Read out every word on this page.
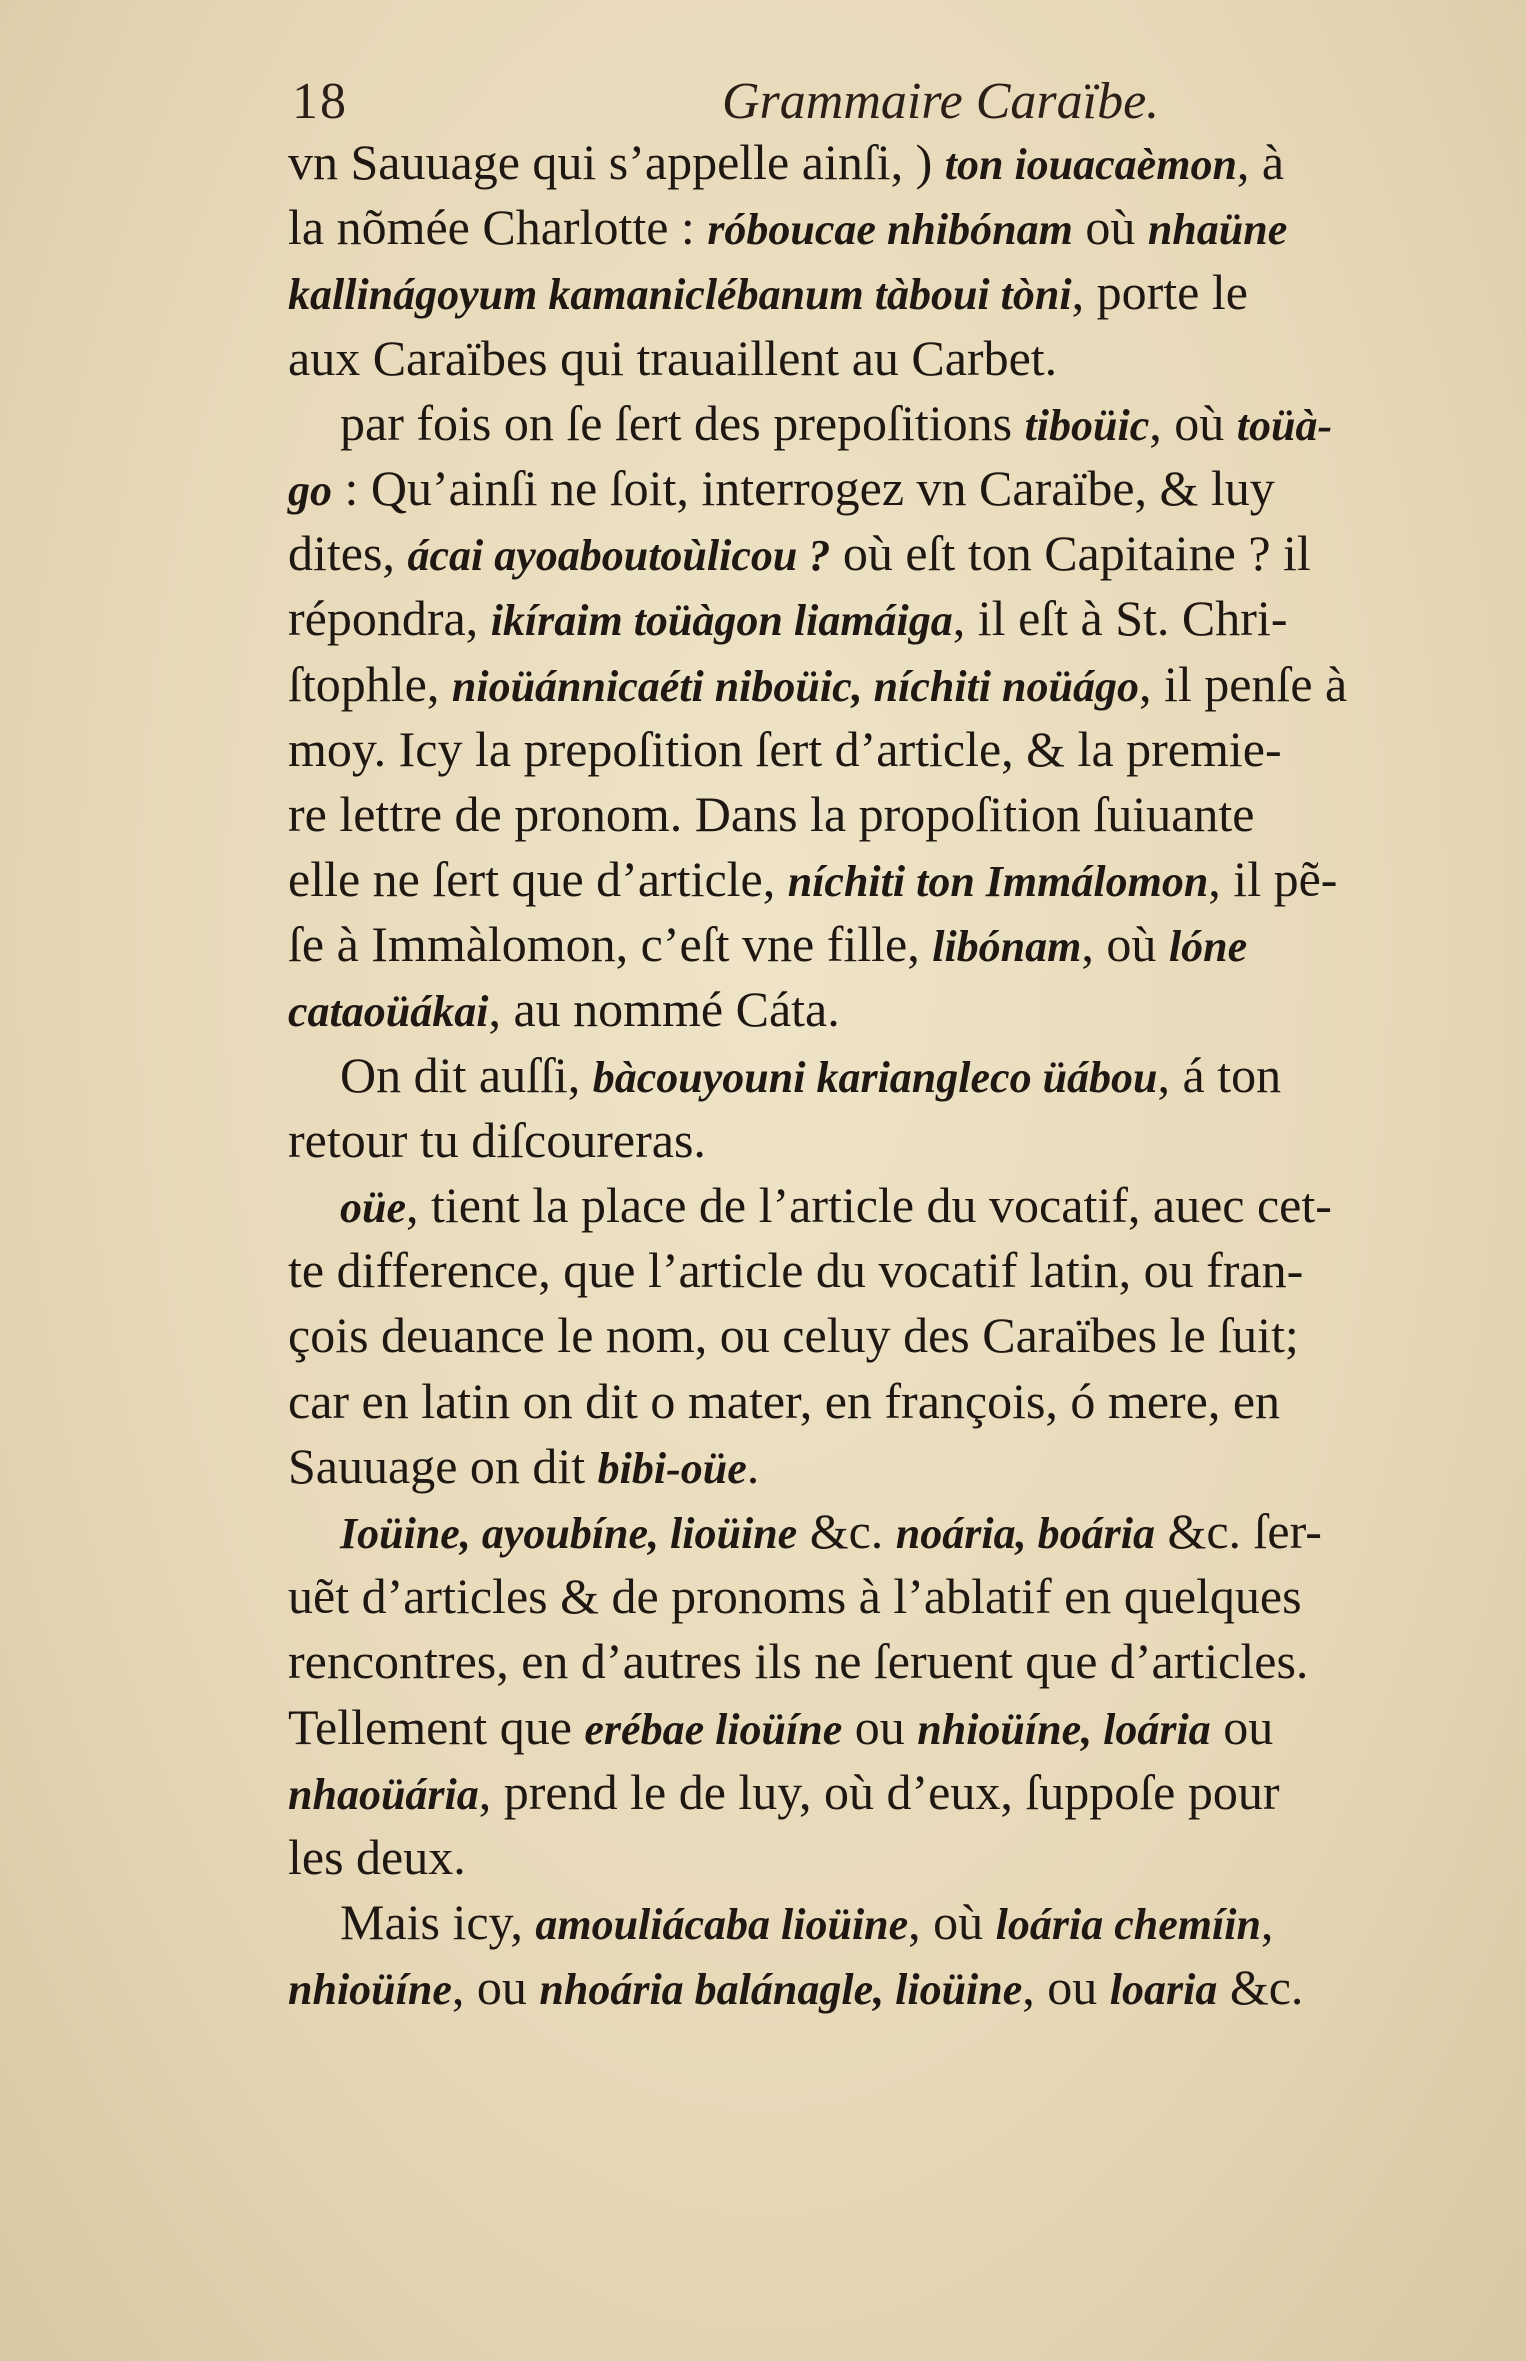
18	Grammaire Caraïbe.
vn Sauuage qui s’appelle ainſi, ) ton iouacaèmon, à
la nõmée Charlotte : róboucae nhibónam où nhaüne
kallinágoyum kamaniclébanum tàboui tòni, porte le
aux Caraïbes qui trauaillent au Carbet.
par fois on ſe ſert des prepoſitions tiboüic, où toüà-
go : Qu’ainſi ne ſoit, interrogez vn Caraïbe, & luy
dites, ácai ayoaboutoùlicou ? où eſt ton Capitaine ? il
répondra, ikíraim toüàgon liamáiga, il eſt à St. Chri-
ſtophle, nioüánnicaéti niboüic, níchiti noüágo, il penſe à
moy. Icy la prepoſition ſert d’article, & la premie-
re lettre de pronom. Dans la propoſition ſuiuante
elle ne ſert que d’article, níchiti ton Immálomon, il pẽ-
ſe à Immàlomon, c’eſt vne fille, libónam, où lóne
cataoüákai, au nommé Cáta.
On dit auſſi, bàcouyouni kariangleco üábou, á ton
retour tu diſcoureras.
oüe, tient la place de l’article du vocatif, auec cet-
te difference, que l’article du vocatif latin, ou fran-
çois deuance le nom, ou celuy des Caraïbes le ſuit;
car en latin on dit o mater, en françois, ó mere, en
Sauuage on dit bibi-oüe.
Ioüine, ayoubíne, lioüine &c. noária, boária &c. ſer-
uẽt d’articles & de pronoms à l’ablatif en quelques
rencontres, en d’autres ils ne ſeruent que d’articles.
Tellement que erébae lioüíne ou nhioüíne, loária ou
nhaoüária, prend le de luy, où d’eux, ſuppoſe pour
les deux.
Mais icy, amouliácaba lioüine, où loária chemíin,
nhioüíne, ou nhoária balánagle, lioüine, ou loaria &c.
